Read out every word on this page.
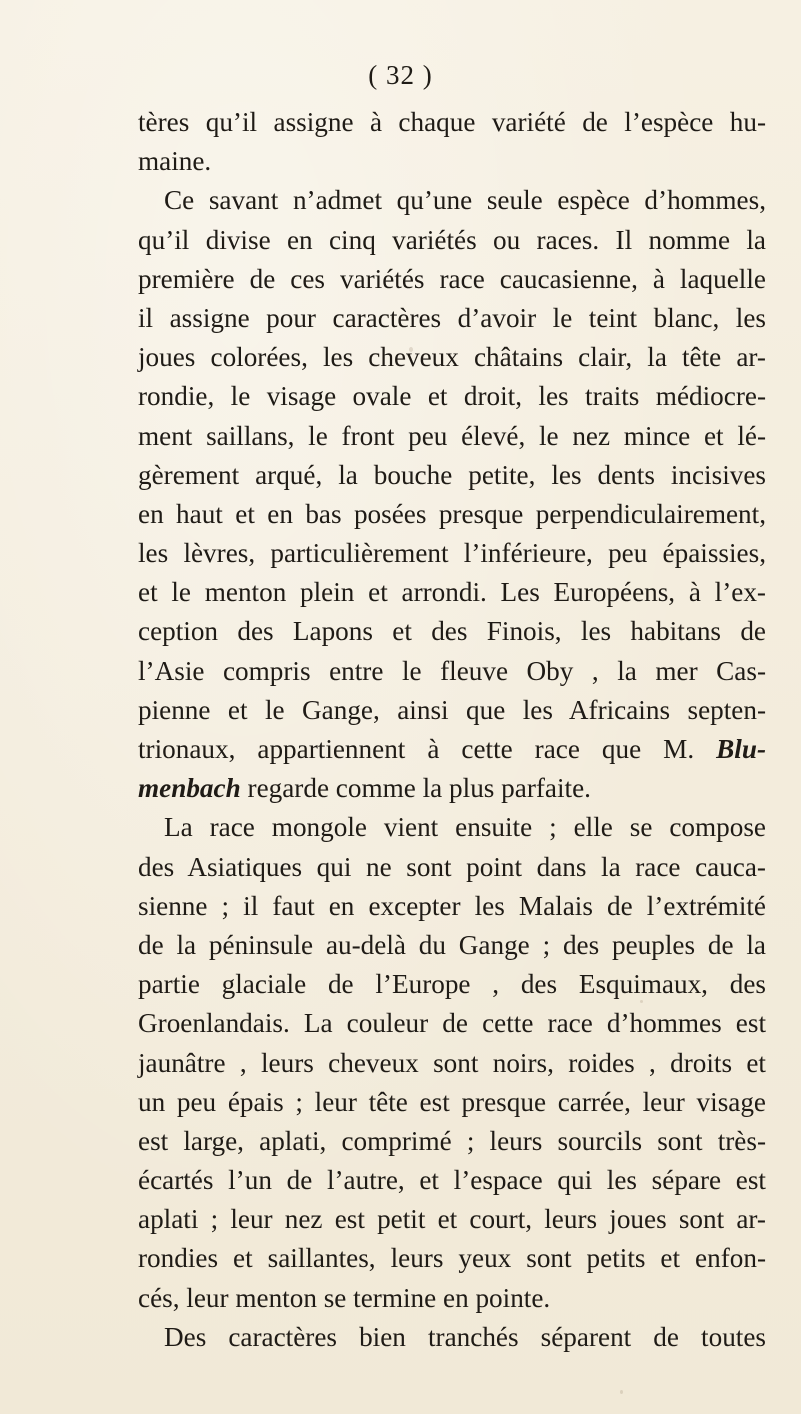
( 32 )
tères qu’il assigne à chaque variété de l’espèce hu-
maine.
Ce savant n’admet qu’une seule espèce d’hommes,
qu’il divise en cinq variétés ou races. Il nomme la
première de ces variétés race caucasienne, à laquelle
il assigne pour caractères d’avoir le teint blanc, les
joues colorées, les cheveux châtains clair, la tête ar-
rondie, le visage ovale et droit, les traits médiocre-
ment saillans, le front peu élevé, le nez mince et lé-
gèrement arqué, la bouche petite, les dents incisives
en haut et en bas posées presque perpendiculairement,
les lèvres, particulièrement l’inférieure, peu épaissies,
et le menton plein et arrondi. Les Européens, à l’ex-
ception des Lapons et des Finois, les habitans de
l’Asie compris entre le fleuve Oby , la mer Cas-
pienne et le Gange, ainsi que les Africains septen-
trionaux, appartiennent à cette race que M. Blu-
menbach regarde comme la plus parfaite.
La race mongole vient ensuite ; elle se compose
des Asiatiques qui ne sont point dans la race cauca-
sienne ; il faut en excepter les Malais de l’extrémité
de la péninsule au-delà du Gange ; des peuples de la
partie glaciale de l’Europe , des Esquimaux, des
Groenlandais. La couleur de cette race d’hommes est
jaunâtre , leurs cheveux sont noirs, roides , droits et
un peu épais ; leur tête est presque carrée, leur visage
est large, aplati, comprimé ; leurs sourcils sont très-
écartés l’un de l’autre, et l’espace qui les sépare est
aplati ; leur nez est petit et court, leurs joues sont ar-
rondies et saillantes, leurs yeux sont petits et enfon-
cés, leur menton se termine en pointe.
Des caractères bien tranchés séparent de toutes
